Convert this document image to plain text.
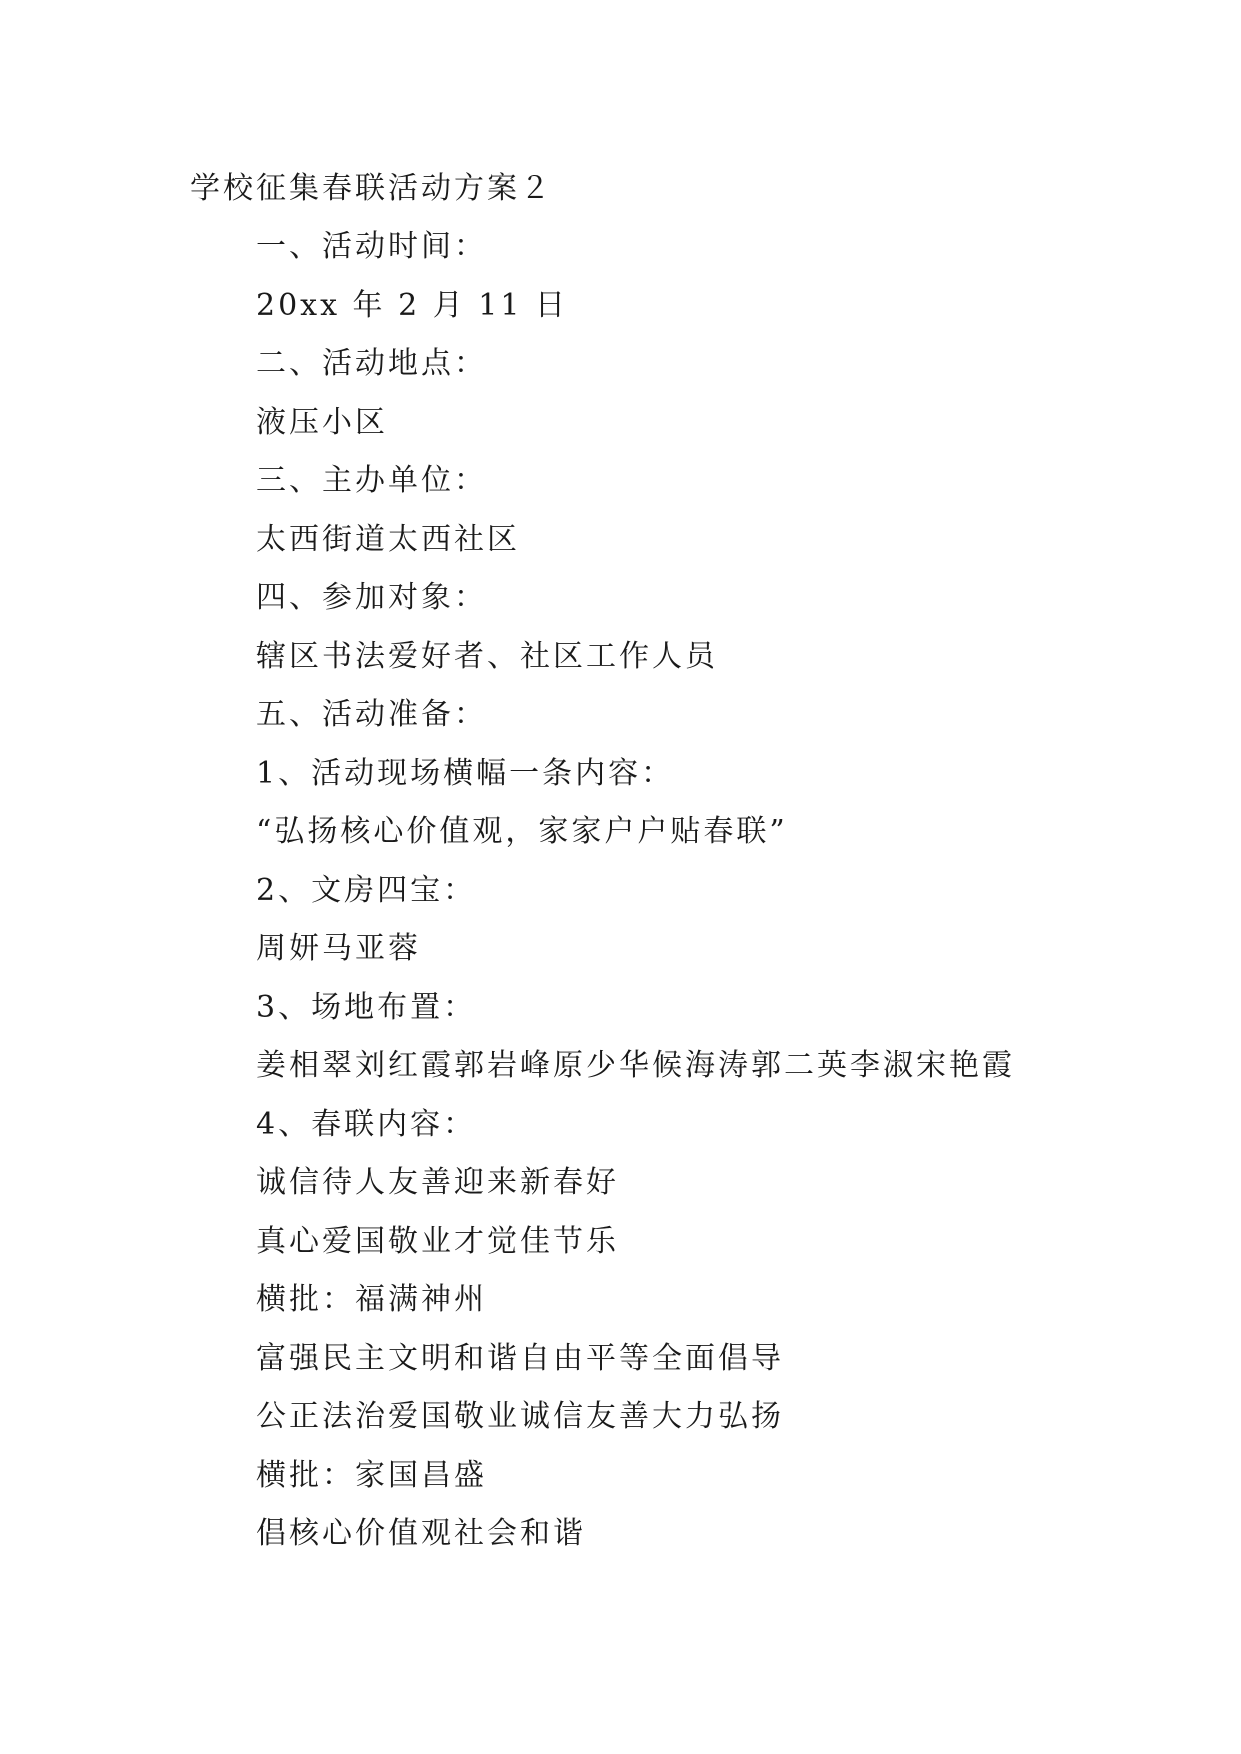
学校征集春联活动方案２
一、活动时间：
20xx 年 2 月 11 日
二、活动地点：
液压小区
三、主办单位：
太西街道太西社区
四、参加对象：
辖区书法爱好者、社区工作人员
五、活动准备：
1、活动现场横幅一条内容：
“弘扬核心价值观，家家户户贴春联”
2、文房四宝：
周妍马亚蓉
3、场地布置：
姜相翠刘红霞郭岩峰原少华候海涛郭二英李淑宋艳霞
4、春联内容：
诚信待人友善迎来新春好
真心爱国敬业才觉佳节乐
横批：福满神州
富强民主文明和谐自由平等全面倡导
公正法治爱国敬业诚信友善大力弘扬
横批：家国昌盛
倡核心价值观社会和谐
